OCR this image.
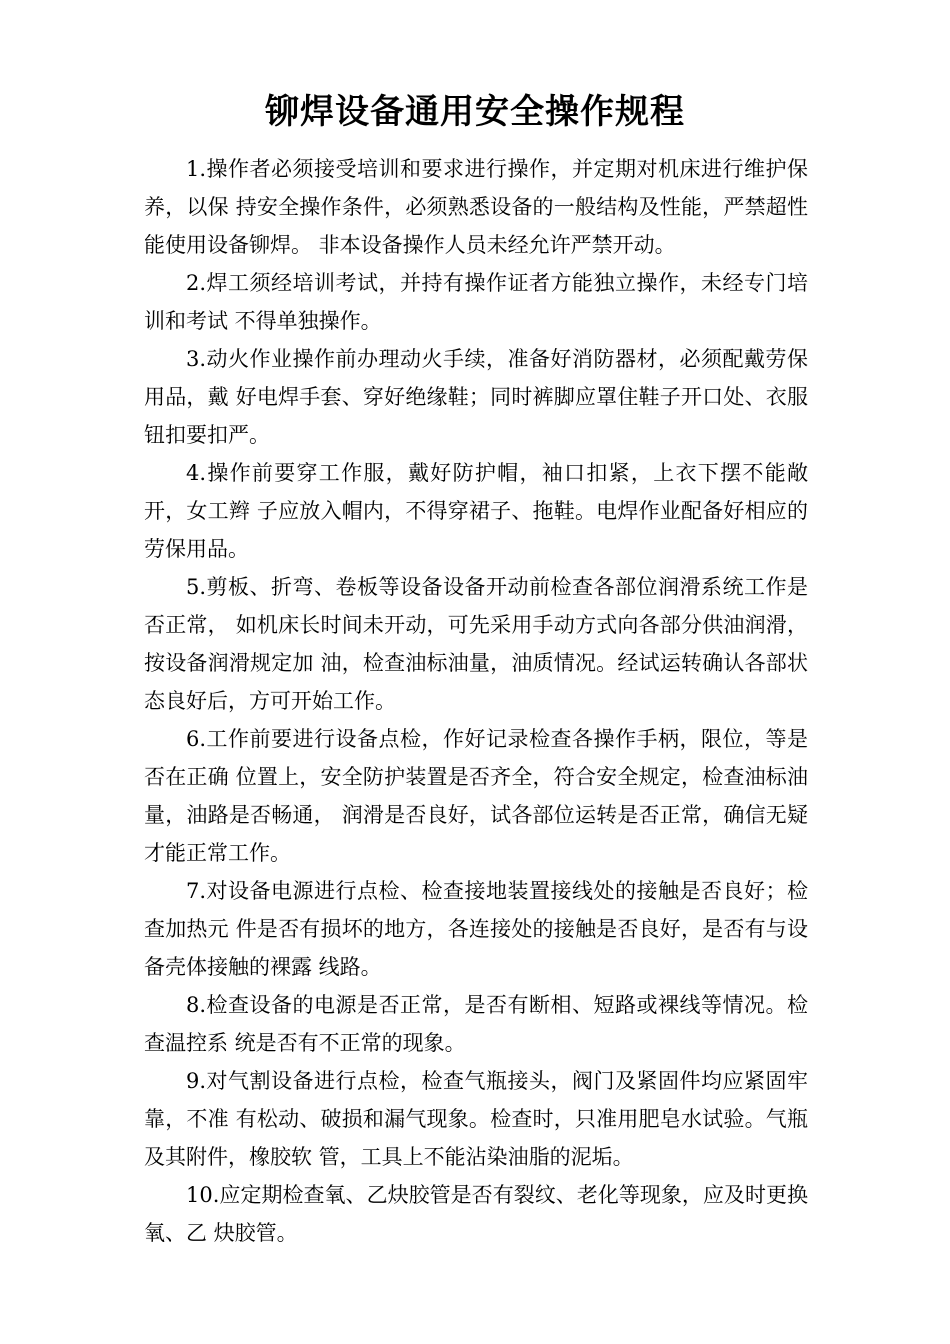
铆焊设备通用安全操作规程

1.操作者必须接受培训和要求进行操作，并定期对机床进行维护保养，以保 持安全操作条件，必须熟悉设备的一般结构及性能，严禁超性能使用设备铆焊。 非本设备操作人员未经允许严禁开动。

2.焊工须经培训考试，并持有操作证者方能独立操作，未经专门培训和考试 不得单独操作。

3.动火作业操作前办理动火手续，准备好消防器材，必须配戴劳保用品，戴 好电焊手套、穿好绝缘鞋；同时裤脚应罩住鞋子开口处、衣服钮扣要扣严。

4.操作前要穿工作服，戴好防护帽，袖口扣紧，上衣下摆不能敞开，女工辫 子应放入帽内，不得穿裙子、拖鞋。电焊作业配备好相应的劳保用品。

5.剪板、折弯、卷板等设备设备开动前检查各部位润滑系统工作是否正常， 如机床长时间未开动，可先采用手动方式向各部分供油润滑，按设备润滑规定加 油，检查油标油量，油质情况。经试运转确认各部状态良好后，方可开始工作。

6.工作前要进行设备点检，作好记录检查各操作手柄，限位，等是否在正确 位置上，安全防护装置是否齐全，符合安全规定，检查油标油量，油路是否畅通， 润滑是否良好，试各部位运转是否正常，确信无疑才能正常工作。

7.对设备电源进行点检、检查接地装置接线处的接触是否良好；检查加热元 件是否有损坏的地方，各连接处的接触是否良好，是否有与设备壳体接触的裸露 线路。

8.检查设备的电源是否正常，是否有断相、短路或裸线等情况。检查温控系 统是否有不正常的现象。

9.对气割设备进行点检，检查气瓶接头，阀门及紧固件均应紧固牢靠，不准 有松动、破损和漏气现象。检查时，只准用肥皂水试验。气瓶及其附件，橡胶软 管，工具上不能沾染油脂的泥垢。

10.应定期检查氧、乙炔胶管是否有裂纹、老化等现象，应及时更换氧、乙 炔胶管。
